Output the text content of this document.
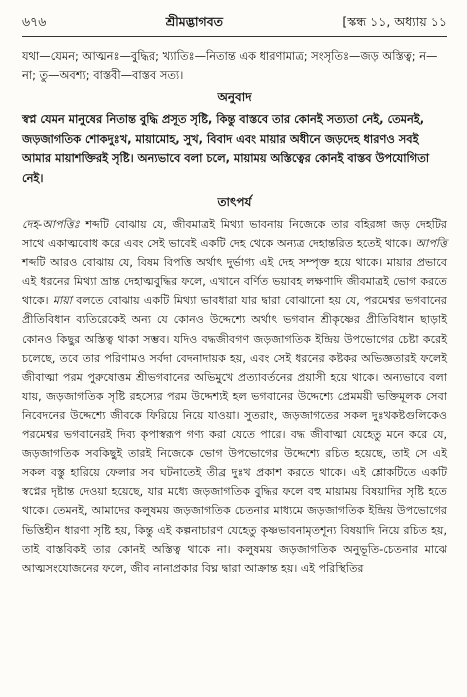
৬৭৬	শ্রীমদ্ভাগবত	[স্কন্ধ ১১, অধ্যায় ১১

যথা—যেমন; আত্মনঃ—বুদ্ধির; খ্যাতিঃ—নিতান্ত এক ধারণামাত্র; সংসৃতিঃ—জড় অস্তিত্ব; ন—না; তু—অবশ্য; বাস্তবী—বাস্তব সত্য।

অনুবাদ

স্বপ্ন যেমন মানুষের নিতান্ত বুদ্ধি প্রসূত সৃষ্টি, কিন্তু বাস্তবে তার কোনই সত্যতা নেই, তেমনই, জড়জাগতিক শোকদুঃখ, মায়ামোহ, সুখ, বিবাদ এবং মায়ার অধীনে জড়দেহ ধারণও সবই আমার মায়াশক্তিরই সৃষ্টি। অন্যভাবে বলা চলে, মায়াময় অস্তিত্বের কোনই বাস্তব উপযোগিতা নেই।

তাৎপর্য

দেহ-আপত্তিঃ শব্দটি বোঝায় যে, জীবমাত্রই মিথ্যা ভাবনায় নিজেকে তার বহিরঙ্গা জড় দেহটির সাথে একাত্মবোধ করে এবং সেই ভাবেই একটি দেহ থেকে অন্যত্র দেহান্তরিত হতেই থাকে। আপত্তি শব্দটি আরও বোঝায় যে, বিষম বিপত্তি অর্থাৎ দুর্ভাগ্য এই দেহ সম্পৃক্ত হয়ে থাকে। মায়ার প্রভাবে এই ধরনের মিথ্যা ভ্রান্ত দেহাত্মবুদ্ধির ফলে, এখানে বর্ণিত ভয়াবহ লক্ষণাদি জীবমাত্রই ভোগ করতে থাকে। মায়া বলতে বোঝায় একটি মিথ্যা ভাবধারা যার দ্বারা বোঝানো হয় যে, পরমেশ্বর ভগবানের প্রীতিবিধান ব্যতিরেকেই অন্য যে কোনও উদ্দেশ্যে অর্থাৎ ভগবান শ্রীকৃষ্ণের প্রীতিবিধান ছাড়াই কোনও কিছুর অস্তিত্ব থাকা সম্ভব। যদিও বদ্ধজীবগণ জড়জাগতিক ইন্দ্রিয় উপভোগের চেষ্টা করেই চলেছে, তবে তার পরিণামও সর্বদা বেদনাদায়ক হয়, এবং সেই ধরনের কষ্টকর অভিজ্ঞতারই ফলেই জীবাত্মা পরম পুরুষোত্তম শ্রীভগবানের অভিমুখে প্রত্যাবর্তনের প্রয়াসী হয়ে থাকে। অন্যভাবে বলা যায়, জড়জাগতিক সৃষ্টি রহস্যের পরম উদ্দেশ্যই হল ভগবানের উদ্দেশ্যে প্রেমময়ী ভক্তিমূলক সেবা নিবেদনের উদ্দেশ্যে জীবকে ফিরিয়ে নিয়ে যাওয়া। সুতরাং, জড়জাগতের সকল দুঃখকষ্টগুলিকেও পরমেশ্বর ভগবানেরই দিব্য কৃপাস্বরূপ গণ্য করা যেতে পারে। বদ্ধ জীবাত্মা যেহেতু মনে করে যে, জড়জাগতিক সবকিছুই তারই নিজেকে ভোগ উপভোগের উদ্দেশ্যে রচিত হয়েছে, তাই সে এই সকল বস্তু হারিয়ে ফেলার সব ঘটনাতেই তীব্র দুঃখ প্রকাশ করতে থাকে। এই শ্লোকটিতে একটি স্বপ্নের দৃষ্টান্ত দেওয়া হয়েছে, যার মধ্যে জড়জাগতিক বুদ্ধির ফলে বহু মায়াময় বিষয়াদির সৃষ্টি হতে থাকে। তেমনই, আমাদের কলুষময় জড়জাগতিক চেতনার মাধ্যমে জড়জাগতিক ইন্দ্রিয় উপভোগের ভিত্তিহীন ধারণা সৃষ্টি হয়, কিন্তু এই কল্পনাচারণ যেহেতু কৃষ্ণভাবনামৃতশূন্য বিষয়াদি নিয়ে রচিত হয়, তাই বাস্তবিকই তার কোনই অস্তিত্ব থাকে না। কলুষময় জড়জাগতিক অনুভূতি-চেতনার মাঝে আত্মসংযোজনের ফলে, জীব নানাপ্রকার বিঘ্ন দ্বারা আক্রান্ত হয়। এই পরিস্থিতির
